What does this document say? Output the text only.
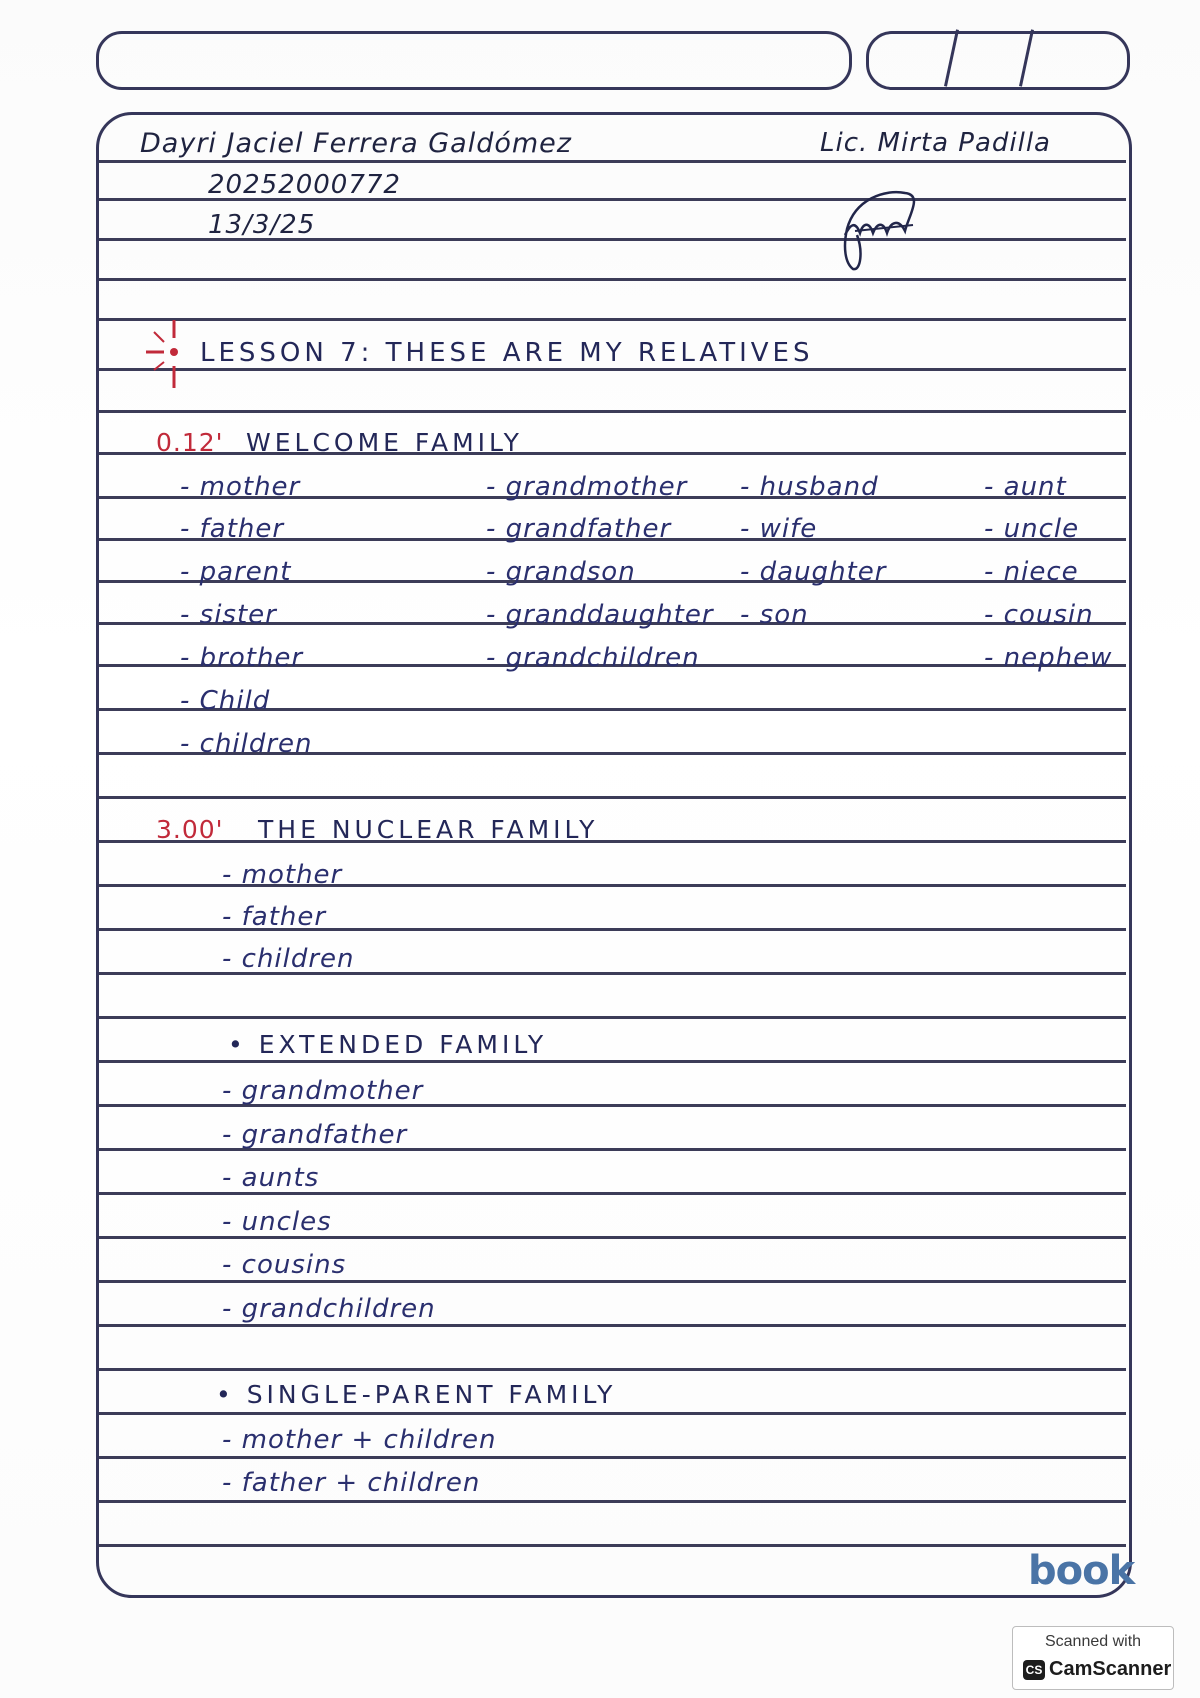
Dayri Jaciel Ferrera Galdómez	Lic. Mirta Padilla
20252000772
13/3/25
LESSON 7: THESE ARE MY RELATIVES
0.12' WELCOME FAMILY
- mother
- father
- parent
- sister
- brother
- Child
- children
- grandmother
- grandfather
- grandson
- granddaughter
- grandchildren
- husband
- wife
- daughter
- son
- aunt
- uncle
- niece
- cousin
- nephew
3.00' THE NUCLEAR FAMILY
- mother
- father
- children
• EXTENDED FAMILY
- grandmother
- grandfather
- aunts
- uncles
- cousins
- grandchildren
• SINGLE-PARENT FAMILY
- mother + children
- father + children
book
Scanned with
CS CamScanner
